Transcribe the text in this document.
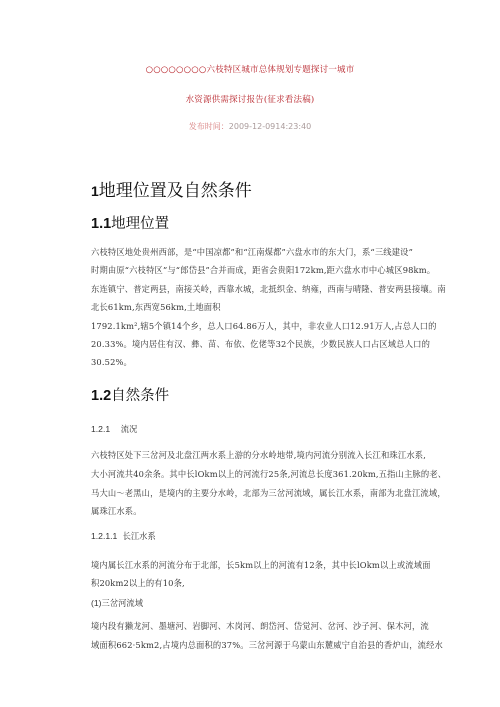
○○○○○○○○六枝特区城市总体规划专题探讨一城市
水资源供需探讨报告(征求看法稿)
发布时间：2009-12-0914:23:40
1地理位置及自然条件
1.1地理位置
六枝特区地处贵州西部，是“中国凉都”和“江南煤都”六盘水市的东大门，系“三线建设”
时期由原“六枝特区”与“郎岱县”合并而成，距省会贵阳172km,距六盘水市中心城区98km。
东连镇宁、普定两县，南接关岭，西靠水城，北抵织金、纳雍，西南与晴隆、普安两县接壤。南
北长61km,东西宽56km,土地面积
1792.1km²,辖5个镇14个乡，总人口64.86万人，其中，非农业人口12.91万人,占总人口的
20.33%。境内居住有汉、彝、苗、布依、仡佬等32个民族，少数民族人口占区域总人口的
30.52%。
1.2自然条件
1.2.1 流况
六枝特区处下三岔河及北盘江两水系上游的分水岭地带,境内河流分别流入长江和珠江水系,
大小河流共40余条。其中长lOkm以上的河流行25条,河流总长度361.20km,五指山主脉的老、
马大山～老黑山，是境内的主要分水岭，北部为三岔河流域，属长江水系，南部为北盘江流域，
属珠江水系。
1.2.1.1 长江水系
境内属长江水系的河流分布于北部，长5km以上的河流有12条，其中长lOkm以上或流域面
积20km2以上的有10条,
(1)三岔河流域
境内段有獭龙河、墨塘河、岩脚河、木岗河、朗岱河、岱觉河、岔河、沙子河、保木河，流
域面积662·5km2,占境内总面积的37%。三岔河源于乌蒙山东麓威宁自治县的香炉山，流经水
